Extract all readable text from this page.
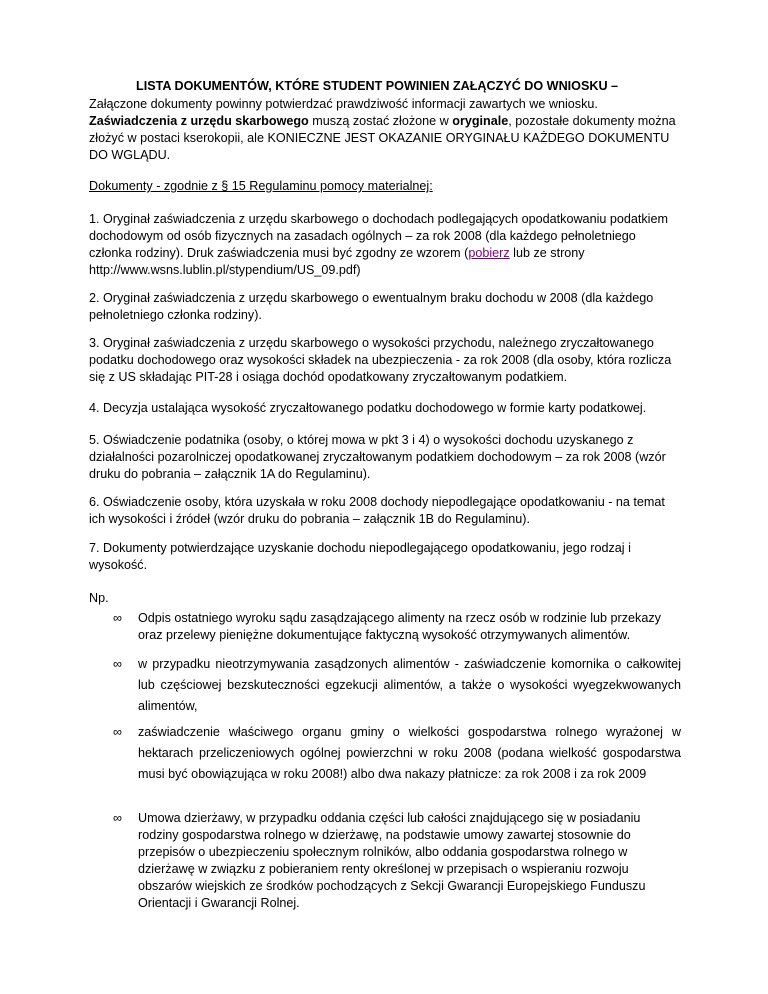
LISTA DOKUMENTÓW, KTÓRE STUDENT POWINIEN ZAŁĄCZYĆ DO WNIOSKU –

Załączone dokumenty powinny potwierdzać prawdziwość informacji zawartych we wniosku.

Zaświadczenia z urzędu skarbowego muszą zostać złożone w oryginale, pozostałe dokumenty można złożyć w postaci kserokopii, ale KONIECZNE JEST OKAZANIE ORYGINAŁU KAŻDEGO DOKUMENTU DO WGLĄDU.

Dokumenty - zgodnie z § 15 Regulaminu pomocy materialnej:

1. Oryginał zaświadczenia z urzędu skarbowego o dochodach podlegających opodatkowaniu podatkiem dochodowym od osób fizycznych na zasadach ogólnych – za rok 2008 (dla każdego pełnoletniego członka rodziny). Druk zaświadczenia musi być zgodny ze wzorem (pobierz lub ze strony http://www.wsns.lublin.pl/stypendium/US_09.pdf)

2. Oryginał zaświadczenia z urzędu skarbowego o ewentualnym braku dochodu w 2008 (dla każdego pełnoletniego członka rodziny).

3. Oryginał zaświadczenia z urzędu skarbowego o wysokości przychodu, należnego zryczałtowanego podatku dochodowego oraz wysokości składek na ubezpieczenia - za rok 2008 (dla osoby, która rozlicza się z US składając PIT-28 i osiąga dochód opodatkowany zryczałtowanym podatkiem.

4. Decyzja ustalająca wysokość zryczałtowanego podatku dochodowego w formie karty podatkowej.

5. Oświadczenie podatnika (osoby, o której mowa w pkt 3 i 4) o wysokości dochodu uzyskanego z działalności pozarolniczej opodatkowanej zryczałtowanym podatkiem dochodowym – za rok 2008 (wzór druku do pobrania – załącznik 1A do Regulaminu).

6. Oświadczenie osoby, która uzyskała w roku 2008 dochody niepodlegające opodatkowaniu - na temat ich wysokości i źródeł (wzór druku do pobrania – załącznik 1B do Regulaminu).

7. Dokumenty potwierdzające uzyskanie dochodu niepodlegającego opodatkowaniu, jego rodzaj i wysokość.

Np.
∞	Odpis ostatniego wyroku sądu zasądzającego alimenty na rzecz osób w rodzinie lub przekazy oraz przelewy pieniężne dokumentujące faktyczną wysokość otrzymywanych alimentów.
∞	w przypadku nieotrzymywania zasądzonych alimentów - zaświadczenie komornika o całkowitej lub częściowej bezskuteczności egzekucji alimentów, a także o wysokości wyegzekwowanych alimentów,
∞	zaświadczenie właściwego organu gminy o wielkości gospodarstwa rolnego wyrażonej w hektarach przeliczeniowych ogólnej powierzchni w roku 2008 (podana wielkość gospodarstwa musi być obowiązująca w roku 2008!) albo dwa nakazy płatnicze: za rok 2008 i za rok 2009
∞	Umowa dzierżawy, w przypadku oddania części lub całości znajdującego się w posiadaniu rodziny gospodarstwa rolnego w dzierżawę, na podstawie umowy zawartej stosownie do przepisów o ubezpieczeniu społecznym rolników, albo oddania gospodarstwa rolnego w dzierżawę w związku z pobieraniem renty określonej w przepisach o wspieraniu rozwoju obszarów wiejskich ze środków pochodzących z Sekcji Gwarancji Europejskiego Funduszu Orientacji i Gwarancji Rolnej.
